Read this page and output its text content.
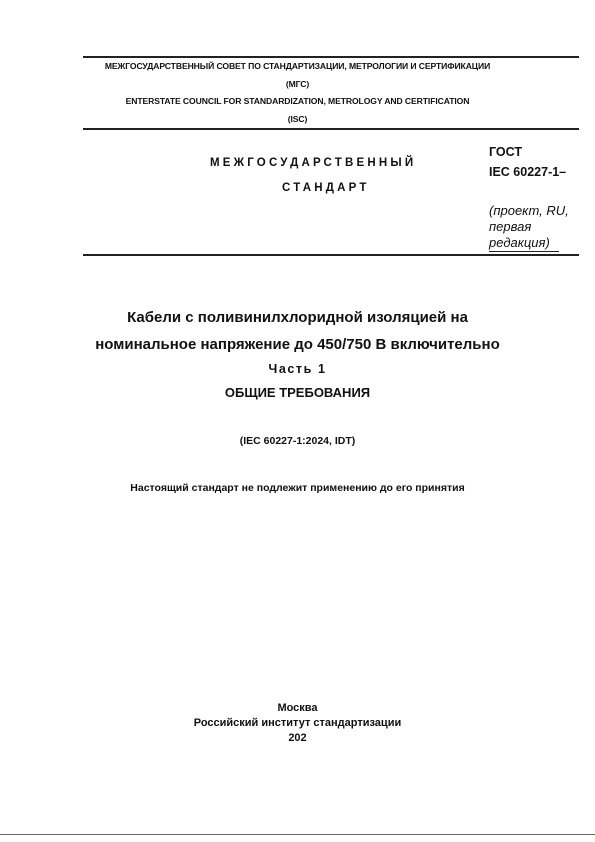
МЕЖГОСУДАРСТВЕННЫЙ СОВЕТ ПО СТАНДАРТИЗАЦИИ, МЕТРОЛОГИИ И СЕРТИФИКАЦИИ
(МГС)
ENTERSTATE COUNCIL FOR STANDARDIZATION, METROLOGY AND CERTIFICATION
(ISC)
МЕЖГОСУДАРСТВЕННЫЙ
СТАНДАРТ
ГОСТ
IEC 60227-1–
(проект, RU,
первая
редакция)
Кабели с поливинилхлоридной изоляцией на
номинальное напряжение до 450/750 В включительно
Часть 1
ОБЩИЕ ТРЕБОВАНИЯ
(IEC 60227-1:2024, IDT)
Настоящий стандарт не подлежит применению до его принятия
Москва
Российский институт стандартизации
202
